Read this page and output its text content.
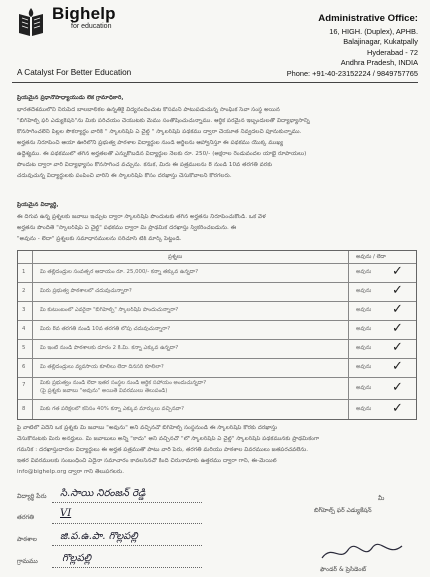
Bighelp
for education
A Catalyst For Better Education
Administrative Office:
16, HIGH. (Duplex), APHB.
Balajinagar, Kukatpally
Hyderabad - 72
Andhra Pradesh, INDIA
Phone: +91-40-23152224 / 9849757765
ప్రియమైన ప్రధానోపాధ్యాయుడు లేక గ్రామాధికారి,
భారతదేశములోని నిరుపేద బాలబాలికల ఉన్నతికై విద్యనందించుట కోసమని పాటుపడుచున్న సాంఘిక సేవా సంస్థ అయిన
"బిగ్‌హెల్ప్ ఫర్ ఎడ్యుకేషన్"ను మీకు పరిచయం చేయుటకు మేము సంతోషించుచున్నాము. ఆర్థిక పరమైన ఇబ్బందులతో విద్యాభ్యాసాన్ని
కొనసాగించలేని పిల్లల సౌకర్యార్థం వారికి " స్కాలర్‌షిప్ ఏ చైల్డ్ " స్కాలర్‌షిప్ పథకము ద్వారా చేయూత నివ్వదలచి పూనుకున్నాము.
అర్హతను నిరూపించి ఆయా ఊరిలోని ప్రభుత్వ పాఠశాల విద్యార్థుల నుండి అర్జీలను ఆహ్వానిస్తూ ఈ పథకము యొక్క ముఖ్య
ఉద్దేశ్యము. ఈ పథకములో తగిన అర్హతలతో ఎన్నుకోబడిన విద్యార్థుల నెలకు రూ. 250/- (అక్షరాల రెండువందల యాభై రూపాయలు)
పొందుట ద్వారా వారి విద్యాభ్యాసం కొనసాగించ వచ్చును. కనుక, మీరు ఈ పత్రములను 8 నుండి 10వ తరగతి వరకు
చదువుచున్న విద్యార్థులకు పంపించి వారిని ఈ స్కాలర్‌షిప్ కోసం దరఖాస్తు చేసుకోవాలని కోరగలరు.
ప్రియమైన విద్యార్థీ,
ఈ దిగువ ఉన్న ప్రశ్నలకు జవాబు ఇచ్చుట ద్వారా స్కాలర్‌షిప్ పొందుటకు తగిన అర్హతను నిరూపించుకోండి. ఒక వేళ
అర్హతను పొందితే "స్కాలర్‌షిప్ ఏ చైల్డ్" పథకము ద్వారా మీ ప్రాథమిక దరఖాస్తు స్వీకరించబడును. ఈ
"అవును - లేదా" ప్రశ్నలకు సమాధానములను సరిచూసి టిక్ మార్క్ పెట్టండి.
ప్రశ్నలు	అవును / లేదా
1	మీ తల్లిదండ్రుల సంవత్సర ఆదాయం రూ. 25,000/- కన్నా తక్కువ ఉన్నదా?	అవును ✓
2	మీరు ప్రభుత్వ పాఠశాలలో చదువుచున్నారా?	అవును ✓
3	మీ కుటుంబంలో ఎవరైనా "బిగ్‌హెల్ప్" స్కాలర్‌షిప్ పొందుచున్నారా?	అవును ✓
4	మీరు 8వ తరగతి నుండి 10వ తరగతి లోపు చదువుచున్నారా?	అవును ✓
5	మీ ఇంటి నుండి పాఠశాలకు దూరం 2 కి.మీ. కన్నా ఎక్కువ ఉన్నదా?	అవును ✓
6	మీ తల్లిదండ్రులు వ్యవసాయ కూలీలు లేదా దినసరి కూలీలా?	అవును ✓
7	మీకు ప్రభుత్వం నుండి లేదా ఇతర సంస్థల నుండి ఆర్థిక సహాయం అందుచున్నదా?
(పై ప్రశ్నకు జవాబు "అవును" అయితే వివరములు తెలుపండి)	అవును ✓
8	మీకు గత పరీక్షలలో కనీసం 40% కన్నా ఎక్కువ మార్కులు వచ్చినవా?	అవును ✓
పై వాటిలో ఏదేని ఒక ప్రశ్నకు మీ జవాబు "అవును" అని వచ్చినచో బిగ్‌హెల్ప్ సంస్థనుండి ఈ స్కాలర్‌షిప్ కొరకు దరఖాస్తు
చేసుకొనుటకు మీరు అనర్హులు. మీ జవాబులు అన్నీ "కాదు" అని వచ్చినచో "లో స్కాలర్‌షిప్ ఏ చైల్డ్" స్కాలర్‌షిప్ పథకమునకు ప్రాథమికంగా
గమనిక : దరఖాస్తుదారుల విద్యార్థులు ఈ అర్హత పత్రముతో పాటు వారి పేరు, తరగతి మరియు పాఠశాల వివరములు జతపరచవలెను.
ఇతర వివరములకు సంబంధించి ఏదైనా సమాచారం కావలసినచో కింది చిరునామాకు ఉత్తరము ద్వారా గాని, ఈ-మెయిల్
info@bighelp.org ద్వారా గాని తెలుపగలరు.
విద్యార్థి పేరు సి.సాయి నిరంజన్ రెడ్డి
తరగతి	VI
పాఠశాల జి.ప.ఉ.పా. గొల్లపల్లి
గ్రామము గొల్లపల్లి
మీ
బిగ్‌హెల్ప్ ఫర్ ఎడ్యుకేషన్
ఫౌండర్ & ప్రెసిడెంట్
